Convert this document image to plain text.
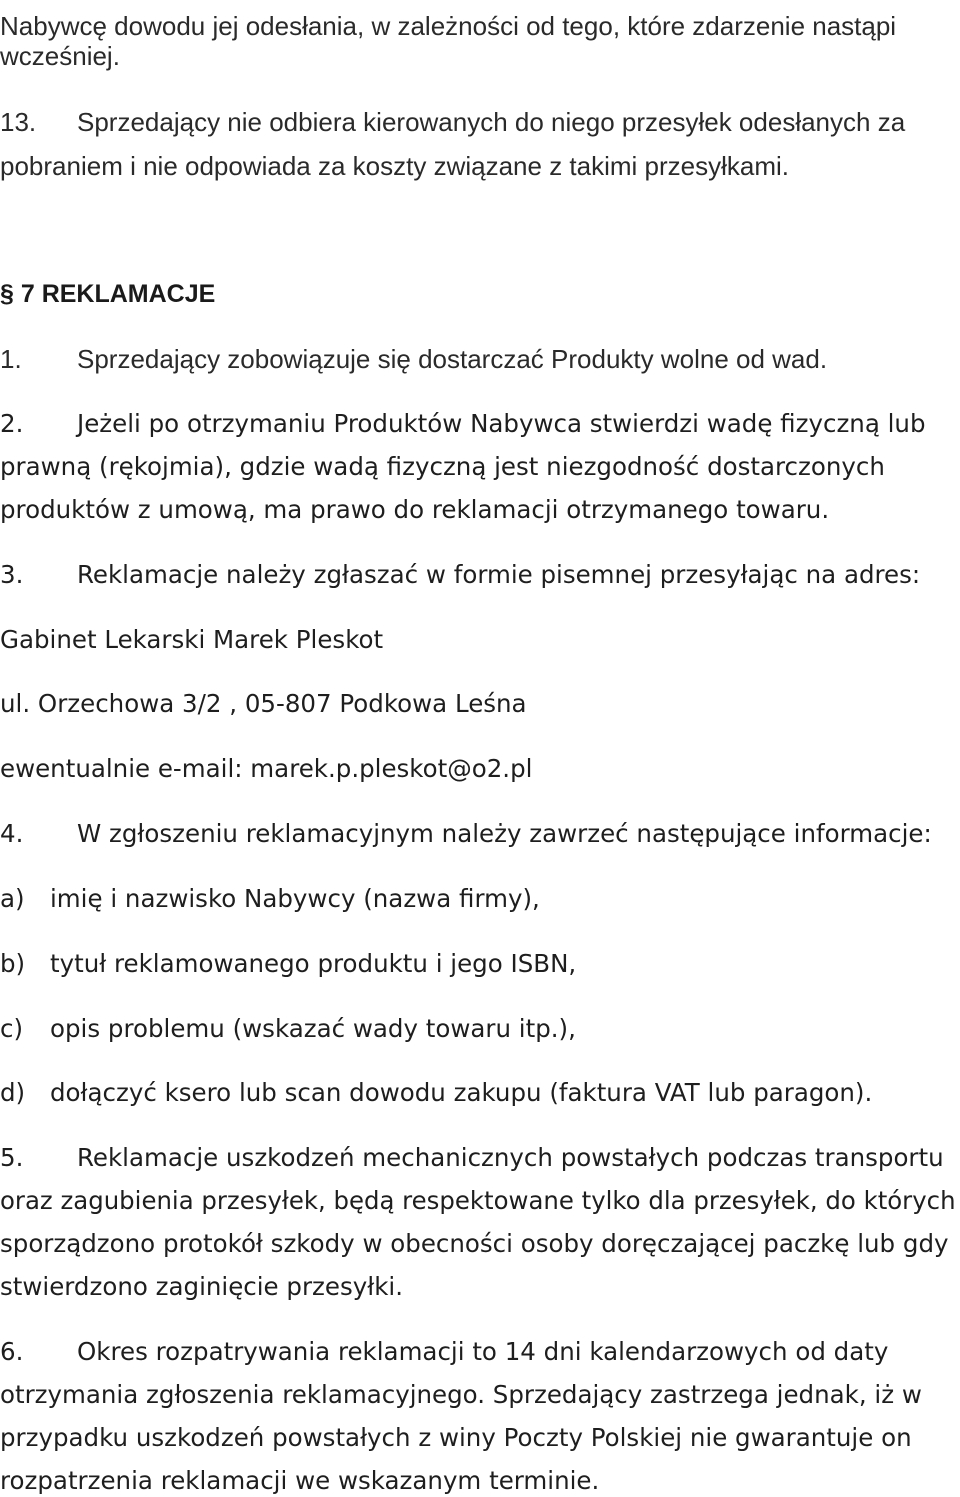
Nabywcę dowodu jej odesłania, w zależności od tego, które zdarzenie nastąpi

wcześniej.

13. Sprzedający nie odbiera kierowanych do niego przesyłek odesłanych za

pobraniem i nie odpowiada za koszty związane z takimi przesyłkami.

§ 7 REKLAMACJE

1. Sprzedający zobowiązuje się dostarczać Produkty wolne od wad.

2. Jeżeli po otrzymaniu Produktów Nabywca stwierdzi wadę fizyczną lub

prawną (rękojmia), gdzie wadą fizyczną jest niezgodność dostarczonych

produktów z umową, ma prawo do reklamacji otrzymanego towaru.

3. Reklamacje należy zgłaszać w formie pisemnej przesyłając na adres:

Gabinet Lekarski Marek Pleskot

ul. Orzechowa 3/2 , 05-807 Podkowa Leśna

ewentualnie e-mail: marek.p.pleskot@o2.pl

4. W zgłoszeniu reklamacyjnym należy zawrzeć następujące informacje:

a) imię i nazwisko Nabywcy (nazwa firmy),

b) tytuł reklamowanego produktu i jego ISBN,

c) opis problemu (wskazać wady towaru itp.),

d) dołączyć ksero lub scan dowodu zakupu (faktura VAT lub paragon).

5. Reklamacje uszkodzeń mechanicznych powstałych podczas transportu

oraz zagubienia przesyłek, będą respektowane tylko dla przesyłek, do których

sporządzono protokół szkody w obecności osoby doręczającej paczkę lub gdy

stwierdzono zaginięcie przesyłki.

6. Okres rozpatrywania reklamacji to 14 dni kalendarzowych od daty

otrzymania zgłoszenia reklamacyjnego. Sprzedający zastrzega jednak, iż w

przypadku uszkodzeń powstałych z winy Poczty Polskiej nie gwarantuje on

rozpatrzenia reklamacji we wskazanym terminie.
